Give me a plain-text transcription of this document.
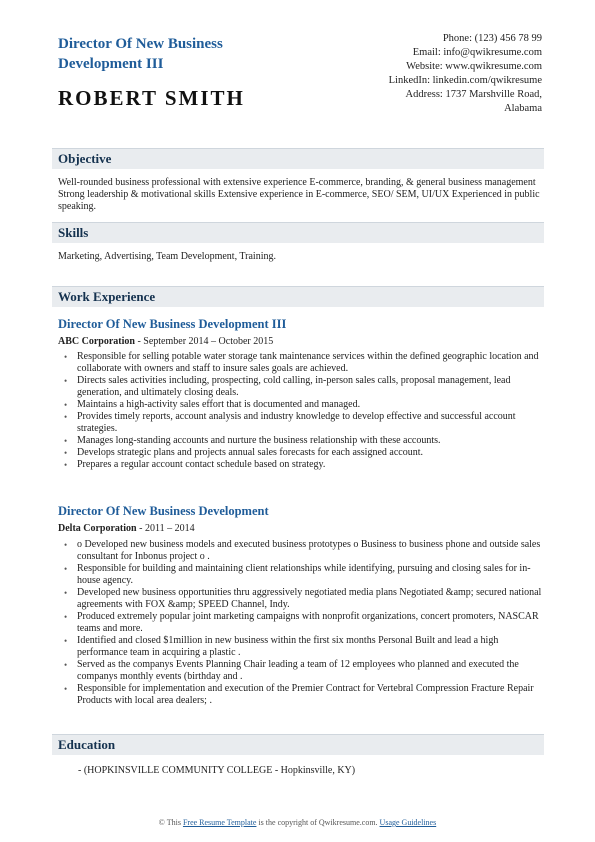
Director Of New Business Development III
ROBERT SMITH
Phone: (123) 456 78 99
Email: info@qwikresume.com
Website: www.qwikresume.com
LinkedIn: linkedin.com/qwikresume
Address: 1737 Marshville Road,
Alabama
Objective
Well-rounded business professional with extensive experience E-commerce, branding, & general business management Strong leadership & motivational skills Extensive experience in E-commerce, SEO/ SEM, UI/UX Experienced in public speaking.
Skills
Marketing, Advertising, Team Development, Training.
Work Experience
Director Of New Business Development III
ABC Corporation - September 2014 – October 2015
• Responsible for selling potable water storage tank maintenance services within the defined geographic location and collaborate with owners and staff to insure sales goals are achieved.
• Directs sales activities including, prospecting, cold calling, in-person sales calls, proposal management, lead generation, and ultimately closing deals.
• Maintains a high-activity sales effort that is documented and managed.
• Provides timely reports, account analysis and industry knowledge to develop effective and successful account strategies.
• Manages long-standing accounts and nurture the business relationship with these accounts.
• Develops strategic plans and projects annual sales forecasts for each assigned account.
• Prepares a regular account contact schedule based on strategy.
Director Of New Business Development
Delta Corporation - 2011 – 2014
• o Developed new business models and executed business prototypes o Business to business phone and outside sales consultant for Inbonus project o .
• Responsible for building and maintaining client relationships while identifying, pursuing and closing sales for in- house agency.
• Developed new business opportunities thru aggressively negotiated media plans Negotiated &amp; secured national agreements with FOX &amp; SPEED Channel, Indy.
• Produced extremely popular joint marketing campaigns with nonprofit organizations, concert promoters, NASCAR teams and more.
• Identified and closed $1million in new business within the first six months Personal Built and lead a high performance team in acquiring a plastic .
• Served as the companys Events Planning Chair leading a team of 12 employees who planned and executed the companys monthly events (birthday and .
• Responsible for implementation and execution of the Premier Contract for Vertebral Compression Fracture Repair Products with local area dealers; .
Education
- (HOPKINSVILLE COMMUNITY COLLEGE - Hopkinsville, KY)
© This Free Resume Template is the copyright of Qwikresume.com. Usage Guidelines
